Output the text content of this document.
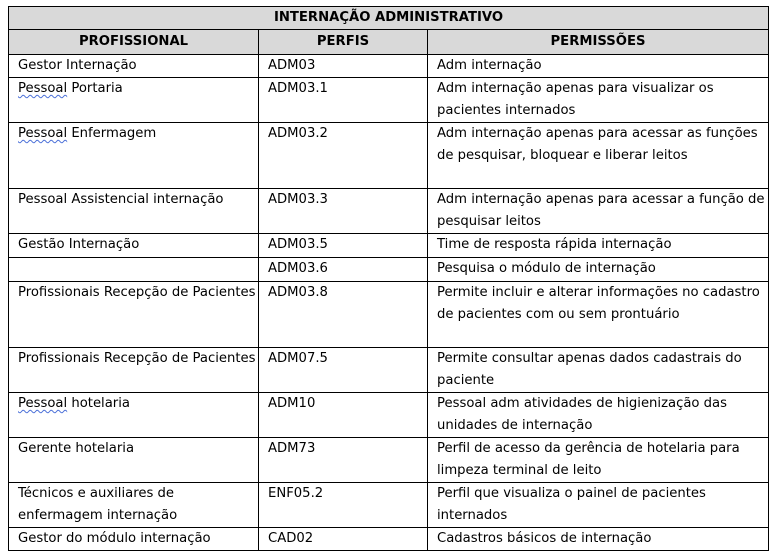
INTERNAÇÃO ADMINISTRATIVO		
PROFISSIONAL	PERFIS	PERMISSÕES
Gestor Internação	ADM03	Adm internação
Pessoal Portaria	ADM03.1	Adm internação apenas para visualizar os pacientes internados
Pessoal Enfermagem	ADM03.2	Adm internação apenas para acessar as funções de pesquisar, bloquear e liberar leitos
Pessoal Assistencial internação	ADM03.3	Adm internação apenas para acessar a função de pesquisar leitos
Gestão Internação	ADM03.5	Time de resposta rápida internação
	ADM03.6	Pesquisa o módulo de internação
Profissionais Recepção de Pacientes	ADM03.8	Permite incluir e alterar informações no cadastro de pacientes com ou sem prontuário
Profissionais Recepção de Pacientes	ADM07.5	Permite consultar apenas dados cadastrais do paciente
Pessoal hotelaria	ADM10	Pessoal adm atividades de higienização das unidades de internação
Gerente hotelaria	ADM73	Perfil de acesso da gerência de hotelaria para limpeza terminal de leito
Técnicos e auxiliares de enfermagem internação	ENF05.2	Perfil que visualiza o painel de pacientes internados
Gestor do módulo internação	CAD02	Cadastros básicos de internação
